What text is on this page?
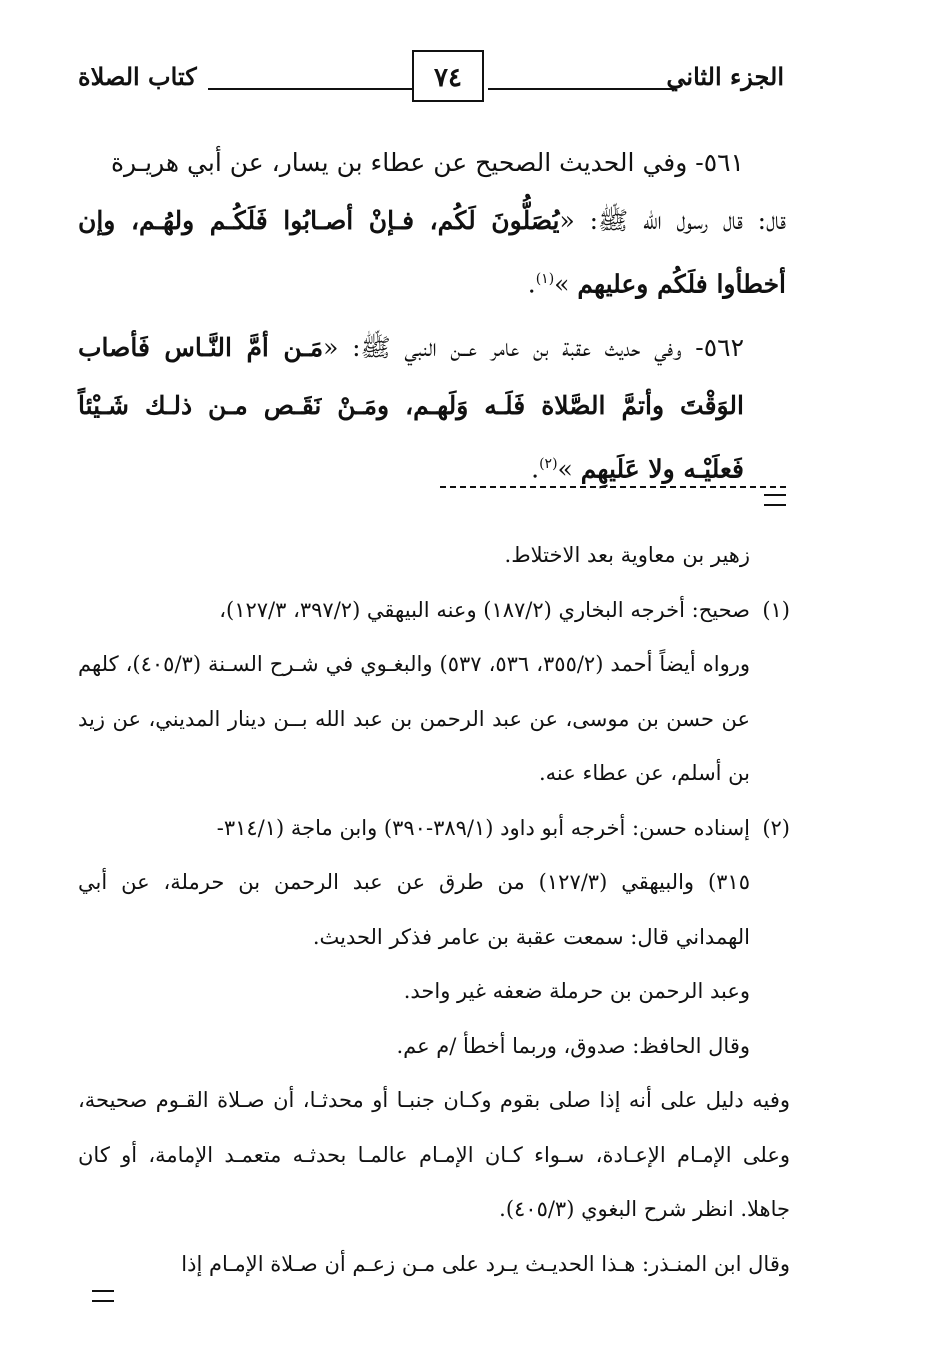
الجزء الثاني
٧٤
كتاب الصلاة

٥٦١- وفي الحديث الصحيح عن عطاء بن يسار، عن أبي هريـرة

قال: قال رسول الله ﷺ: «يُصَلُّونَ لَكُم، فـإنْ أصـابُوا فَلَكُـم ولهُـم، وإن أخطأوا فلَكُم وعليهم »$^{(١)}$.

٥٦٢- وفي حديث عقبة بن عامر عــن النبي ﷺ: «مَـن أمَّ النَّـاس فَأصاب الوَقْتَ وأتمَّ الصَّلاة فَلَـه وَلَهـم، ومَـنْ نَقَـص مـن ذلـك شَـيْئاً فَعلَيْـه ولا عَلَيهِم »$^{(٢)}$.

زهير بن معاوية بعد الاختلاط.

(١)

صحيح: أخرجه البخاري (١٨٧/٢) وعنه البيهقي (٣٩٧/٢، ١٢٧/٣)،

ورواه أيضاً أحمد (٣٥٥/٢، ٥٣٦، ٥٣٧) والبغـوي في شـرح السـنة (٤٠٥/٣)، كلهم عن حسن بن موسى، عن عبد الرحمن بن عبد الله بــن دينار المديني، عن زيد بن أسلم، عن عطاء عنه.

(٢)

إسناده حسن: أخرجه أبو داود (٣٨٩/١-٣٩٠) وابن ماجة (٣١٤/١-

٣١٥) والبيهقي (١٢٧/٣) من طرق عن عبد الرحمن بن حرملة، عن أبي الهمداني قال: سمعت عقبة بن عامر فذكر الحديث.

وعبد الرحمن بن حرملة ضعفه غير واحد.

وقال الحافظ: صدوق، وربما أخطأ /م عم.

وفيه دليل على أنه إذا صلى بقوم وكـان جنبـا أو محدثـا، أن صـلاة القـوم صحيحة، وعلى الإمـام الإعـادة، سـواء كـان الإمـام عالمـا بحدثـه متعمـد الإمامة، أو كان جاهلا. انظر شرح البغوي (٤٠٥/٣).

وقال ابن المنـذر: هـذا الحديـث يـرد على مـن زعـم أن صـلاة الإمـام إذا
